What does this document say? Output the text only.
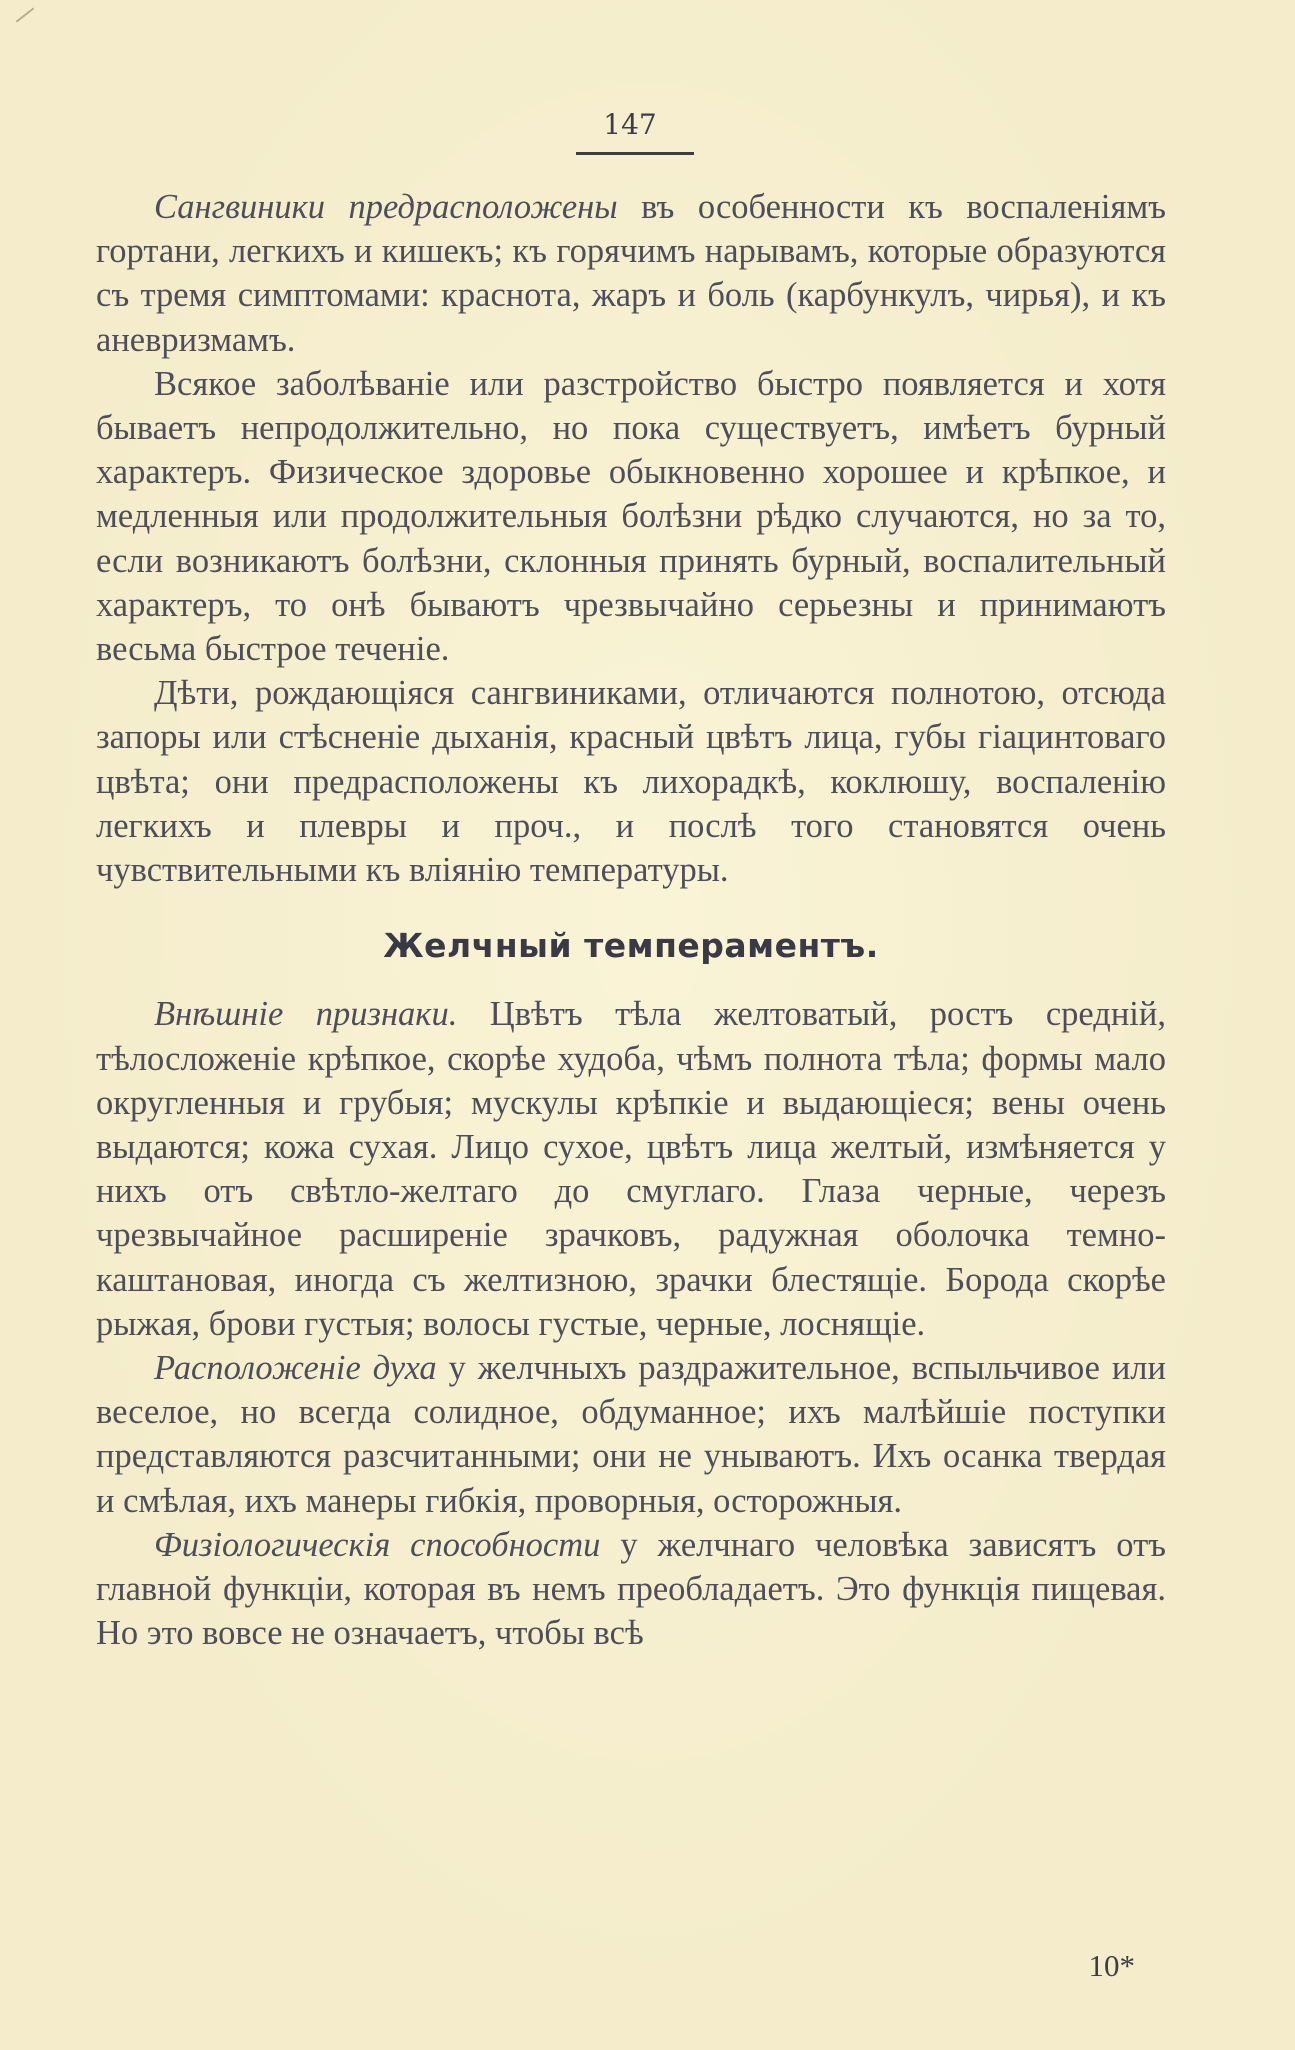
147

Сангвиники предрасположены въ особенности къ воспаленіямъ гортани, легкихъ и кишекъ; къ горячимъ нарывамъ, которые образуются съ тремя симптомами: краснота, жаръ и боль (карбункулъ, чирья), и къ аневризмамъ.

Всякое заболѣваніе или разстройство быстро появляется и хотя бываетъ непродолжительно, но пока существуетъ, имѣетъ бурный характеръ. Физическое здоровье обыкновенно хорошее и крѣпкое, и медленныя или продолжительныя болѣзни рѣдко случаются, но за то, если возникаютъ болѣзни, склонныя принять бурный, воспалительный характеръ, то онѣ бываютъ чрезвычайно серьезны и принимаютъ весьма быстрое теченіе.

Дѣти, рождающіяся сангвиниками, отличаются полнотою, отсюда запоры или стѣсненіе дыханія, красный цвѣтъ лица, губы гіацинтоваго цвѣта; они предрасположены къ лихорадкѣ, коклюшу, воспаленію легкихъ и плевры и проч., и послѣ того становятся очень чувствительными къ вліянію температуры.

Желчный темпераментъ.

Внѣшніе признаки. Цвѣтъ тѣла желтоватый, ростъ средній, тѣлосложеніе крѣпкое, скорѣе худоба, чѣмъ полнота тѣла; формы мало округленныя и грубыя; мускулы крѣпкіе и выдающіеся; вены очень выдаются; кожа сухая. Лицо сухое, цвѣтъ лица желтый, измѣняется у нихъ отъ свѣтло-желтаго до смуглаго. Глаза черные, черезъ чрезвычайное расширеніе зрачковъ, радужная оболочка темно-каштановая, иногда съ желтизною, зрачки блестящіе. Борода скорѣе рыжая, брови густыя; волосы густые, черные, лоснящіе.

Расположеніе духа у желчныхъ раздражительное, вспыльчивое или веселое, но всегда солидное, обдуманное; ихъ малѣйшіе поступки представляются разсчитанными; они не унываютъ. Ихъ осанка твердая и смѣлая, ихъ манеры гибкія, проворныя, осторожныя.

Физіологическія способности у желчнаго человѣка зависятъ отъ главной функціи, которая въ немъ преобладаетъ. Это функція пищевая. Но это вовсе не означаетъ, чтобы всѣ

10*
